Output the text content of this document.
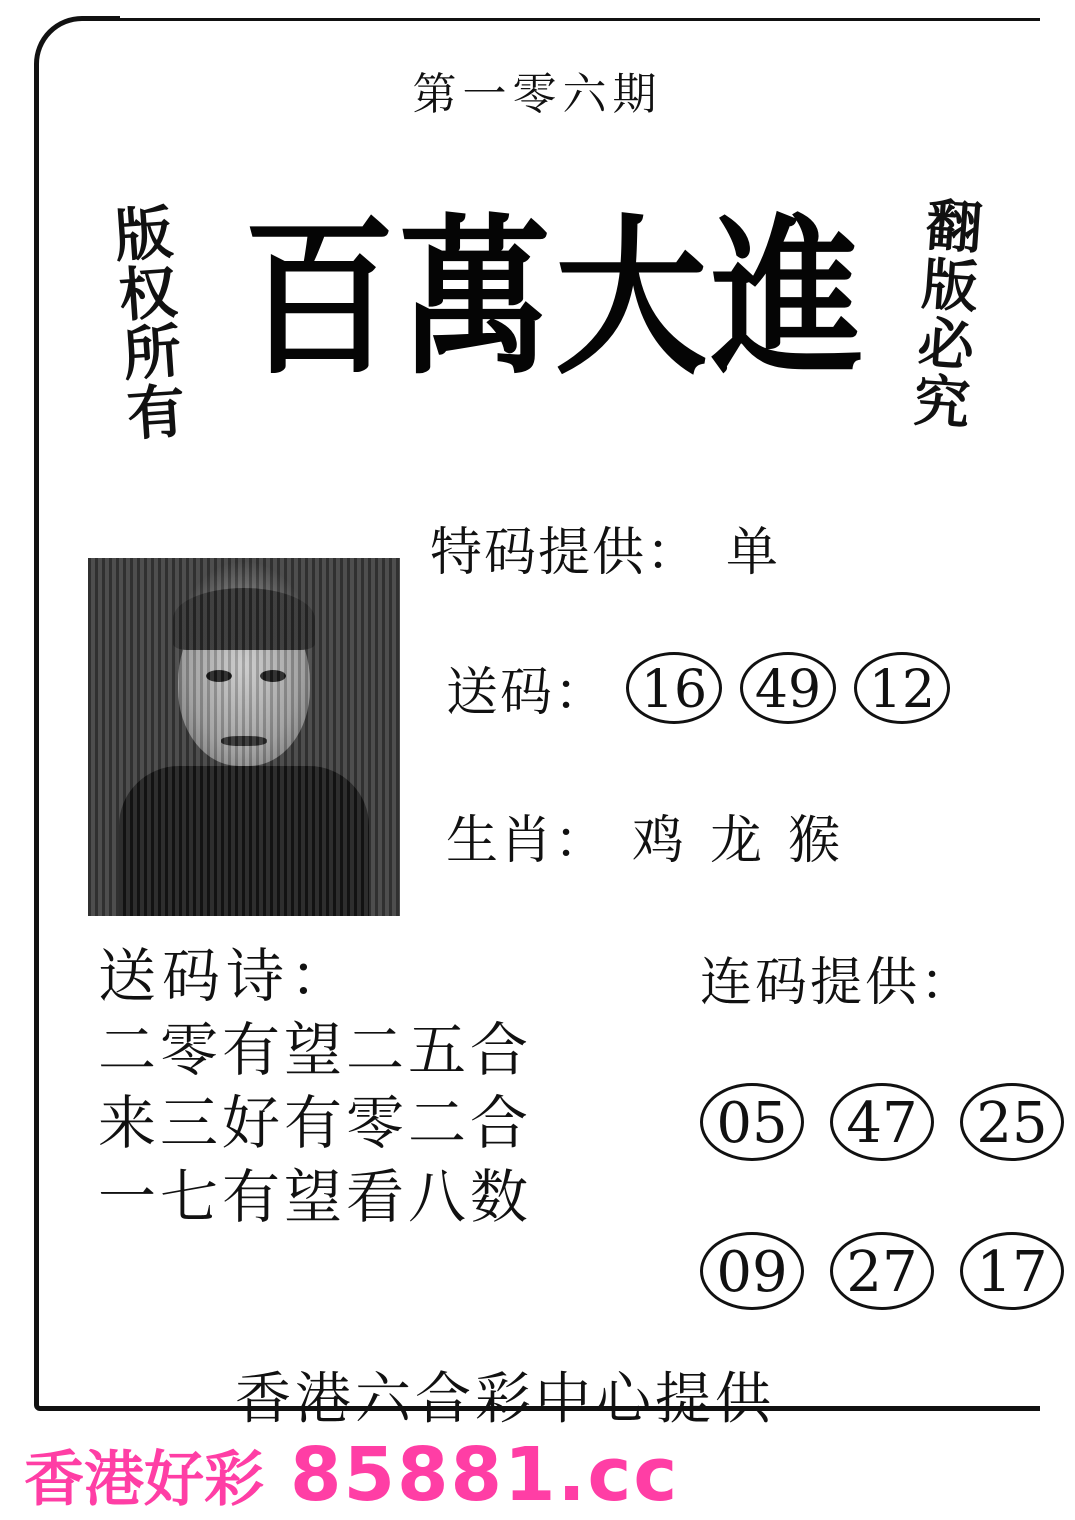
第一零六期
版
权
所
有
翻
版
必
究
百萬大進
特码提供： 单
送码： 16 49 12
生肖： 鸡 龙 猴
送码诗：
二零有望二五合
来三好有零二合
一七有望看八数
连码提供：
05 47 25
09 27 17
香港六合彩中心提供
香港好彩 85881.cc
